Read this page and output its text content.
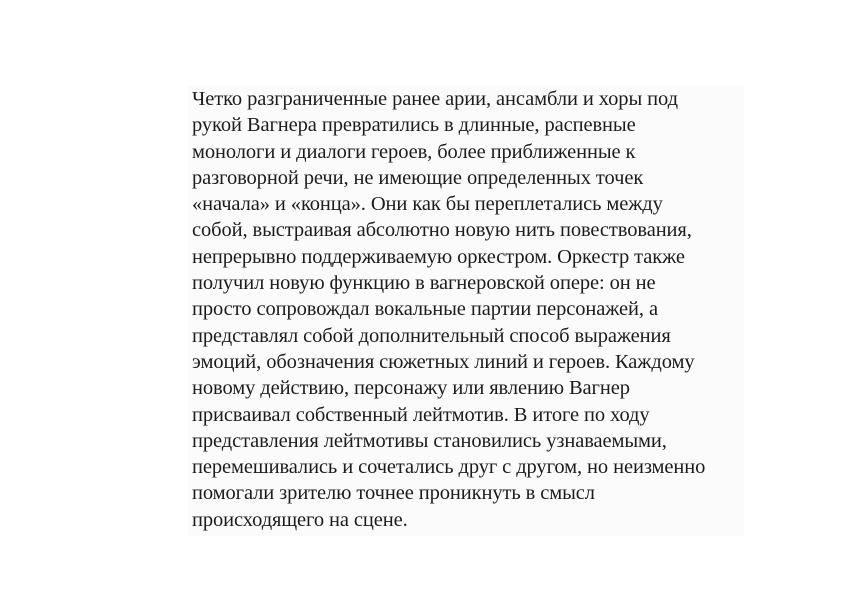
Четко разграниченные ранее арии, ансамбли и хоры под
рукой Вагнера превратились в длинные, распевные
монологи и диалоги героев, более приближенные к
разговорной речи, не имеющие определенных точек
«начала» и «конца». Они как бы переплетались между
собой, выстраивая абсолютно новую нить повествования,
непрерывно поддерживаемую оркестром. Оркестр также
получил новую функцию в вагнеровской опере: он не
просто сопровождал вокальные партии персонажей, а
представлял собой дополнительный способ выражения
эмоций, обозначения сюжетных линий и героев. Каждому
новому действию, персонажу или явлению Вагнер
присваивал собственный лейтмотив. В итоге по ходу
представления лейтмотивы становились узнаваемыми,
перемешивались и сочетались друг с другом, но неизменно
помогали зрителю точнее проникнуть в смысл
происходящего на сцене.
